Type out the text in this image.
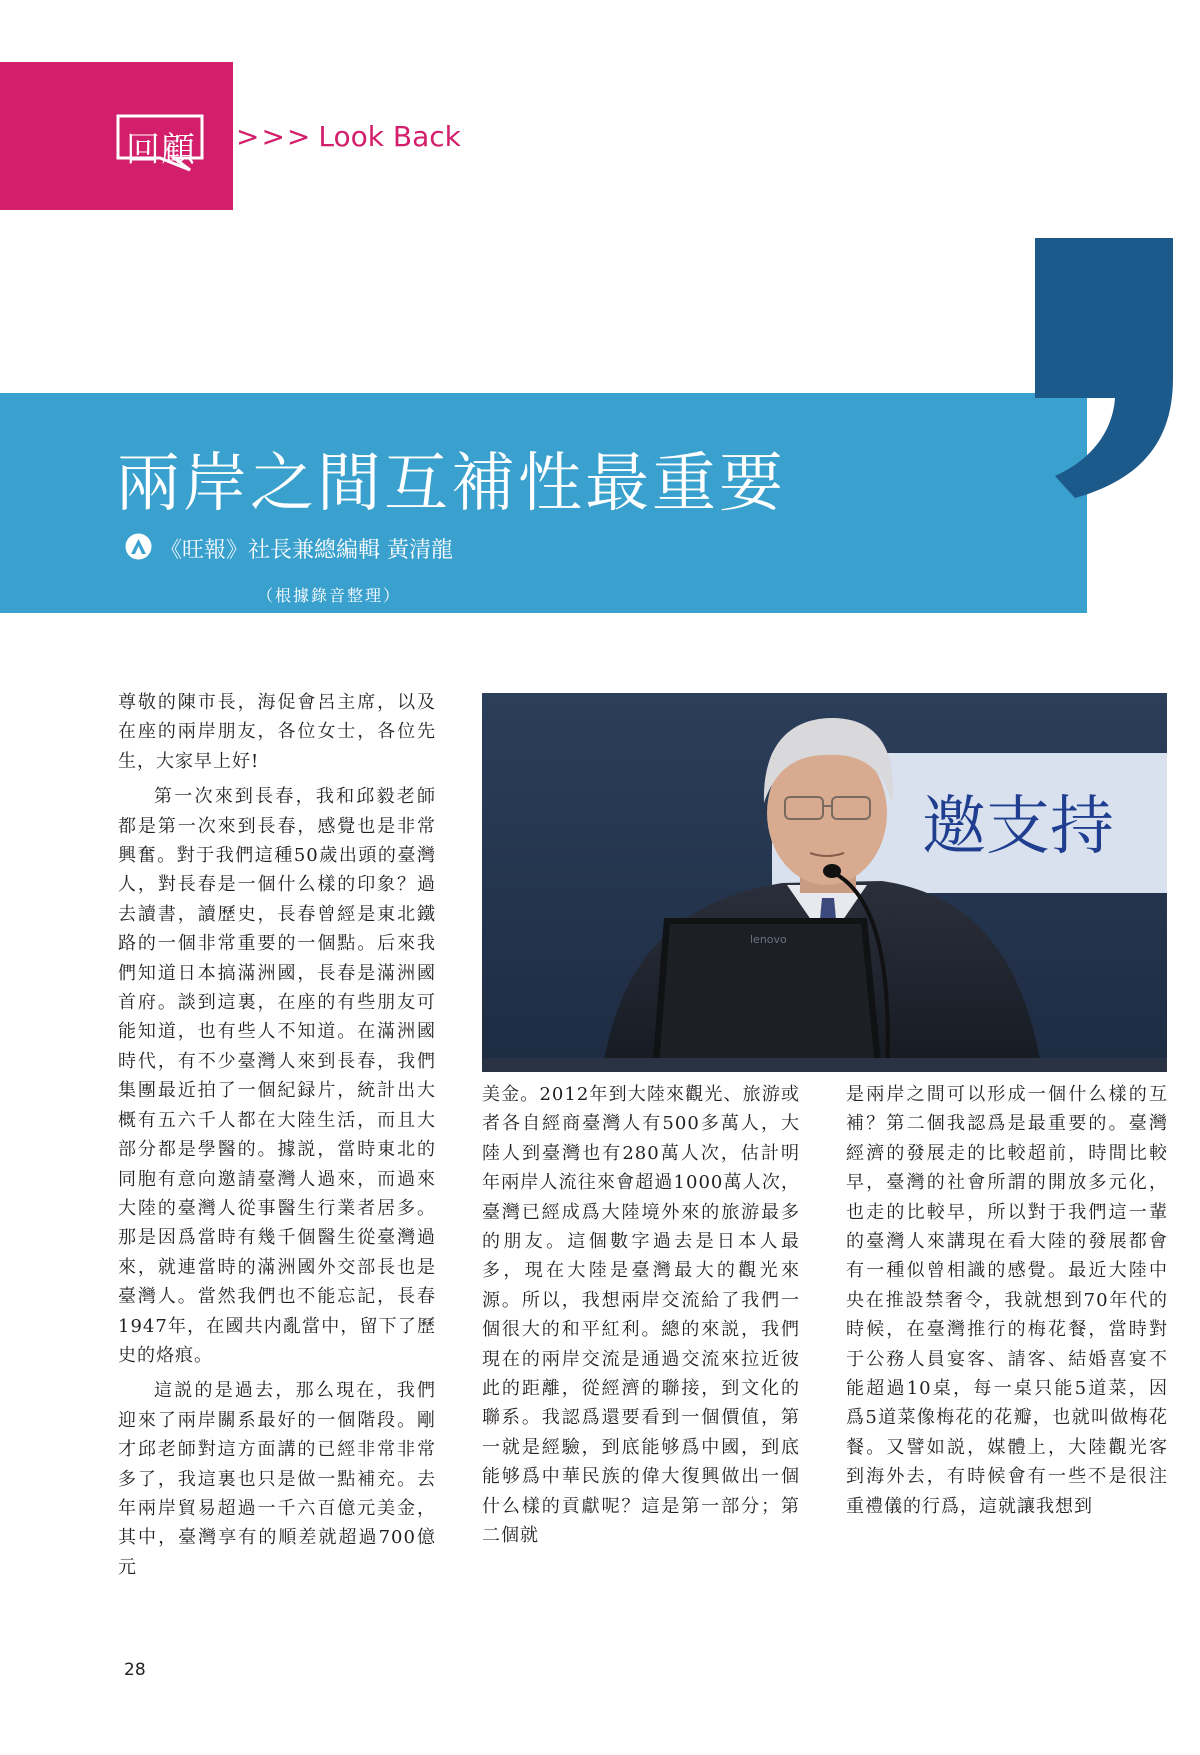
回顧 >>> Look Back
兩岸之間互補性最重要
《旺報》社長兼總編輯 黃清龍
（根據錄音整理）
邀支持
lenovo

尊敬的陳市長，海促會呂主席，以及在座的兩岸朋友，各位女士，各位先生，大家早上好!

第一次來到長春，我和邱毅老師都是第一次來到長春，感覺也是非常興奮。對于我們這種50歲出頭的臺灣人，對長春是一個什么樣的印象？過去讀書，讀歷史，長春曾經是東北鐵路的一個非常重要的一個點。后來我們知道日本搞滿洲國，長春是滿洲國首府。談到這裏，在座的有些朋友可能知道，也有些人不知道。在滿洲國時代，有不少臺灣人來到長春，我們集團最近拍了一個紀録片，統計出大概有五六千人都在大陸生活，而且大部分都是學醫的。據説，當時東北的同胞有意向邀請臺灣人過來，而過來大陸的臺灣人從事醫生行業者居多。那是因爲當時有幾千個醫生從臺灣過來，就連當時的滿洲國外交部長也是臺灣人。當然我們也不能忘記，長春1947年，在國共内亂當中，留下了歷史的烙痕。

這説的是過去，那么現在，我們迎來了兩岸關系最好的一個階段。剛才邱老師對這方面講的已經非常非常多了，我這裏也只是做一點補充。去年兩岸貿易超過一千六百億元美金，其中，臺灣享有的順差就超過700億元

美金。2012年到大陸來觀光、旅游或者各自經商臺灣人有500多萬人，大陸人到臺灣也有280萬人次，估計明年兩岸人流往來會超過1000萬人次，臺灣已經成爲大陸境外來的旅游最多的朋友。這個數字過去是日本人最多，現在大陸是臺灣最大的觀光來源。所以，我想兩岸交流給了我們一個很大的和平紅利。總的來説，我們現在的兩岸交流是通過交流來拉近彼此的距離，從經濟的聯接，到文化的聯系。我認爲還要看到一個價值，第一就是經驗，到底能够爲中國，到底能够爲中華民族的偉大復興做出一個什么樣的貢獻呢？這是第一部分；第二個就

是兩岸之間可以形成一個什么樣的互補？第二個我認爲是最重要的。臺灣經濟的發展走的比較超前，時間比較早，臺灣的社會所謂的開放多元化，也走的比較早，所以對于我們這一輩的臺灣人來講現在看大陸的發展都會有一種似曾相識的感覺。最近大陸中央在推設禁奢令，我就想到70年代的時候，在臺灣推行的梅花餐，當時對于公務人員宴客、請客、結婚喜宴不能超過10桌，每一桌只能5道菜，因爲5道菜像梅花的花瓣，也就叫做梅花餐。又譬如説，媒體上，大陸觀光客到海外去，有時候會有一些不是很注重禮儀的行爲，這就讓我想到

28
